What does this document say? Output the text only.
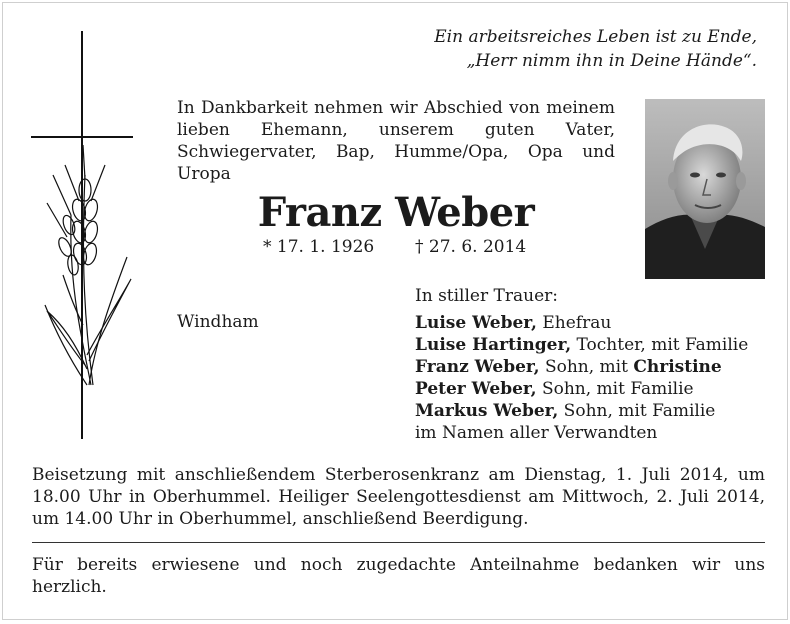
Ein arbeitsreiches Leben ist zu Ende,
„Herr nimm ihn in Deine Hände“.
In Dankbarkeit nehmen wir Abschied von meinem lieben Ehemann, unserem guten Vater, Schwiegervater, Bap, Humme/Opa, Opa und Uropa
Franz Weber
* 17. 1. 1926 † 27. 6. 2014
In stiller Trauer:
Windham	Luise Weber, Ehefrau
Luise Hartinger, Tochter, mit Familie
Franz Weber, Sohn, mit Christine
Peter Weber, Sohn, mit Familie
Markus Weber, Sohn, mit Familie
im Namen aller Verwandten
Beisetzung mit anschließendem Sterberosenkranz am Dienstag, 1. Juli 2014, um 18.00 Uhr in Oberhummel. Heiliger Seelengottesdienst am Mittwoch, 2. Juli 2014, um 14.00 Uhr in Oberhummel, anschließend Beerdigung.
Für bereits erwiesene und noch zugedachte Anteilnahme bedanken wir uns herzlich.
